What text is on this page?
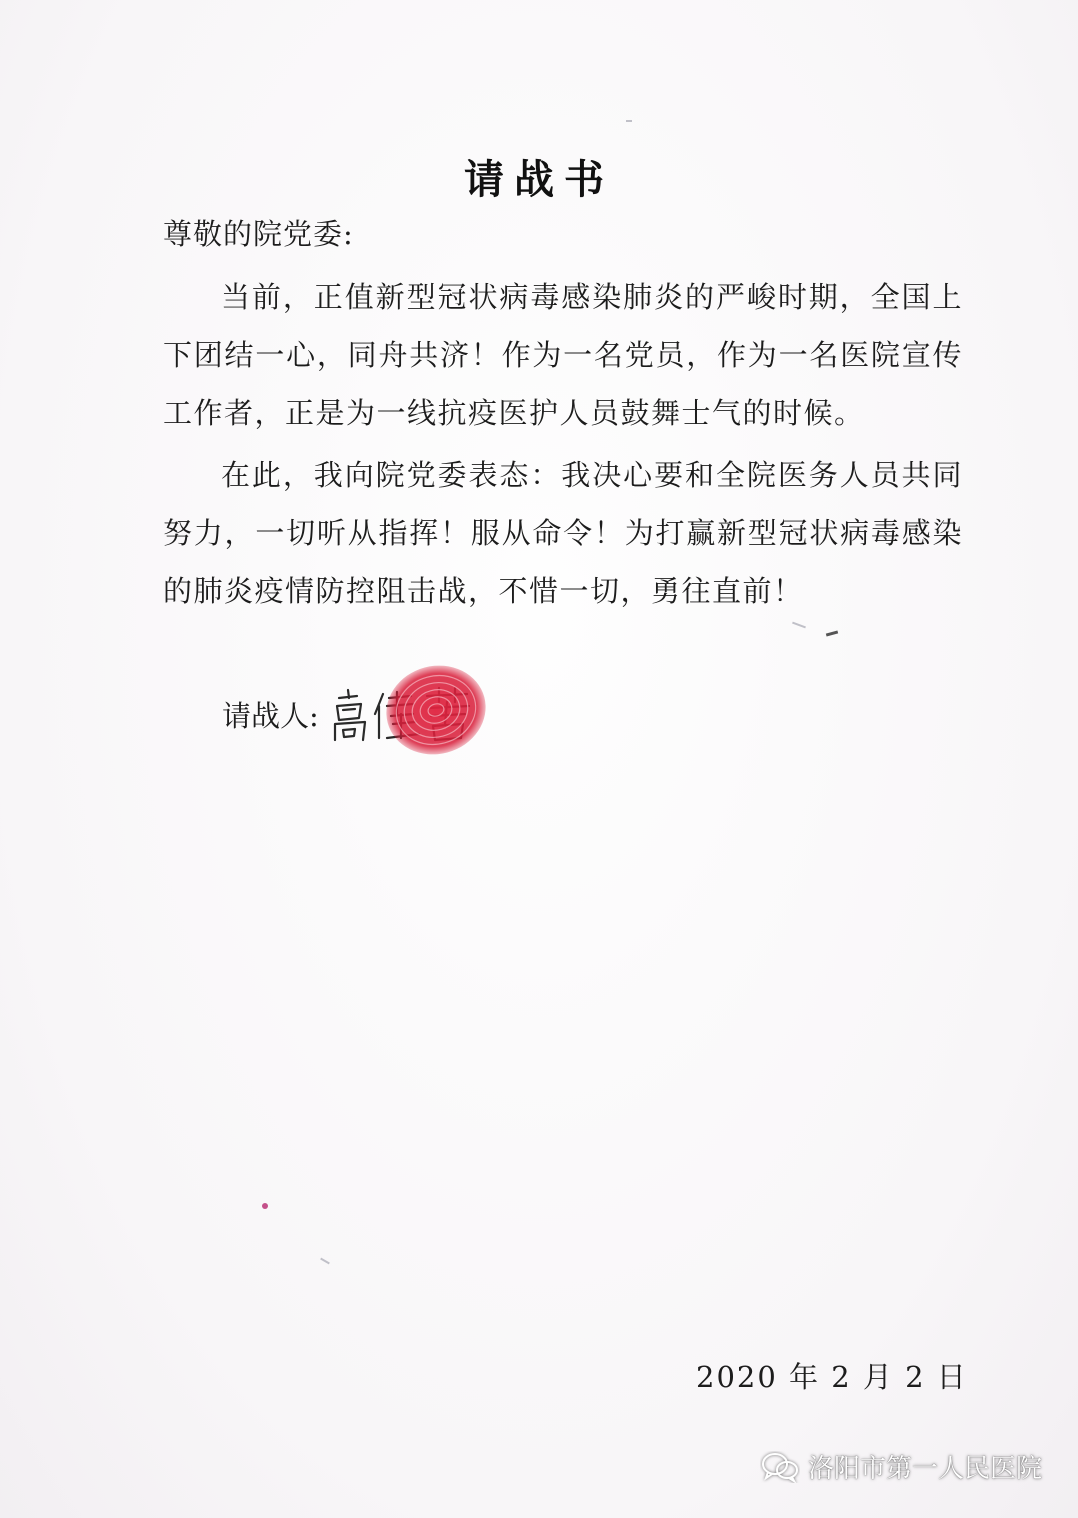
请战书
尊敬的院党委:
当前，正值新型冠状病毒感染肺炎的严峻时期，全国上下团结一心，同舟共济！作为一名党员，作为一名医院宣传工作者，正是为一线抗疫医护人员鼓舞士气的时候。
在此，我向院党委表态：我决心要和全院医务人员共同努力，一切听从指挥！服从命令！为打赢新型冠状病毒感染的肺炎疫情防控阻击战，不惜一切，勇往直前！
请战人:
2020 年 2 月 2 日
洛阳市第一人民医院
